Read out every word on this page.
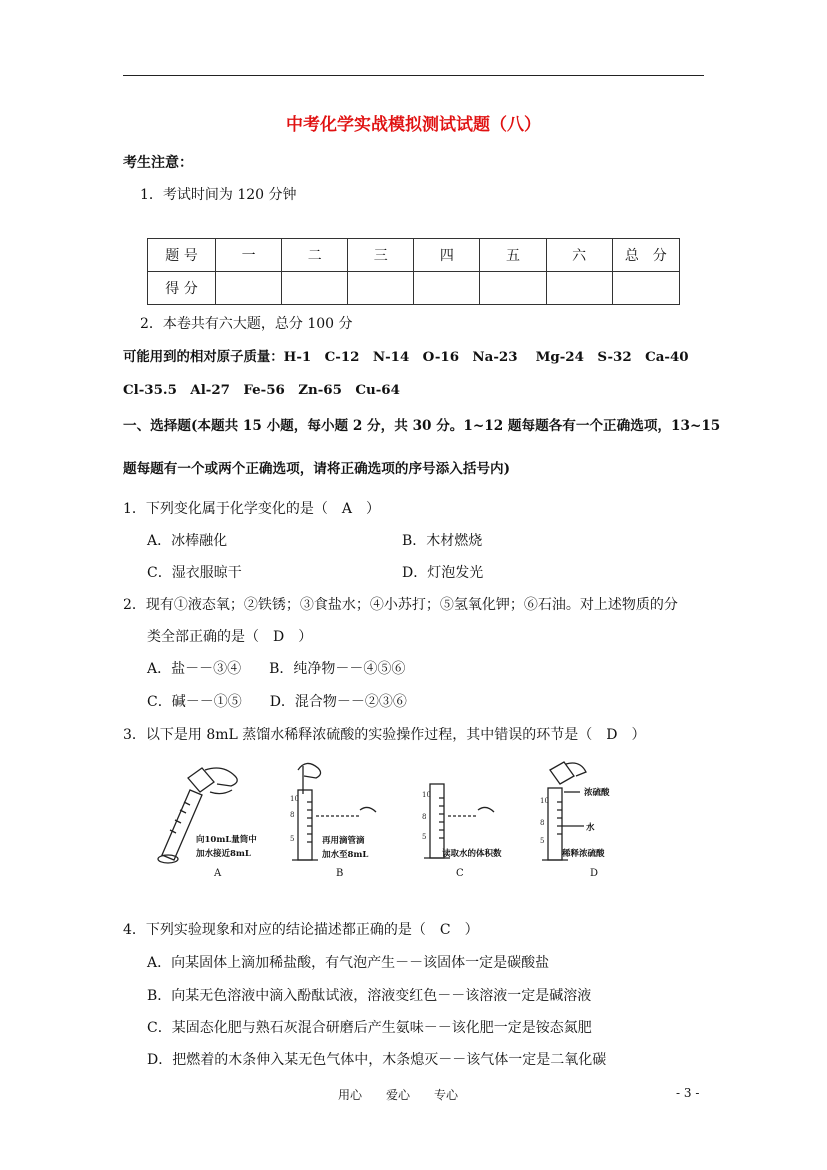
中考化学实战模拟测试试题（八）
考生注意：
1．考试时间为 120 分钟
题 号	一	二	三	四	五	六	总　分
得 分							
2．本卷共有六大题，总分 100 分
可能用到的相对原子质量：H-1　C-12　N-14　O-16　Na-23　 Mg-24　S-32　Ca-40
Cl-35.5　Al-27　Fe-56　Zn-65　Cu-64
一、选择题(本题共 15 小题，每小题 2 分，共 30 分。1~12 题每题各有一个正确选项，13~15
题每题有一个或两个正确选项，请将正确选项的序号添入括号内)
1．下列变化属于化学变化的是（　A　）
A．冰棒融化	B．木材燃烧
C．湿衣服晾干	D．灯泡发光
2．现有①液态氧；②铁锈；③食盐水；④小苏打；⑤氢氧化钾；⑥石油。对上述物质的分
类全部正确的是（　D　）
A．盐－－③④　　B．纯净物－－④⑤⑥
C．碱－－①⑤　　D．混合物－－②③⑥
3．以下是用 8mL 蒸馏水稀释浓硫酸的实验操作过程，其中错误的环节是（　D　）
10
8
5
10
8
5
10
8
5
向10mL量筒中
加水接近8mL
再用滴管滴
加水至8mL	读取水的体积数
浓硫酸
水
稀释浓硫酸
A	B	C	D
4．下列实验现象和对应的结论描述都正确的是（　C　）
A．向某固体上滴加稀盐酸，有气泡产生－－该固体一定是碳酸盐
B．向某无色溶液中滴入酚酞试液，溶液变红色－－该溶液一定是碱溶液
C．某固态化肥与熟石灰混合研磨后产生氨味－－该化肥一定是铵态氮肥
D．把燃着的木条伸入某无色气体中，木条熄灭－－该气体一定是二氧化碳
用心　　爱心　　专心	- 3 -
